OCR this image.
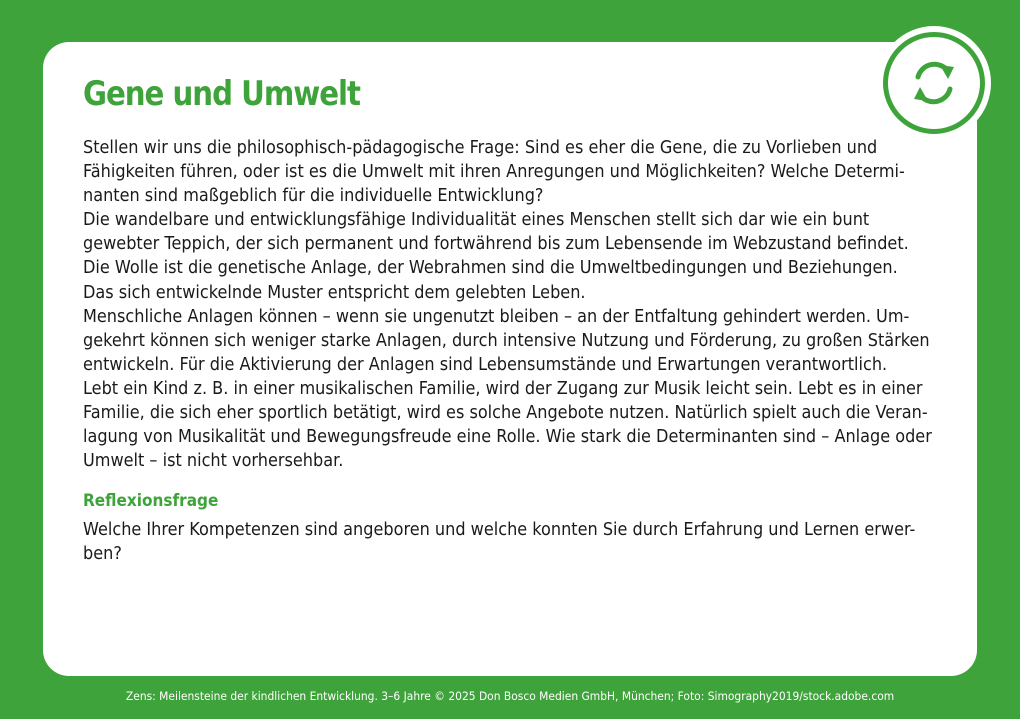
Gene und Umwelt
Stellen wir uns die philosophisch-pädagogische Frage: Sind es eher die Gene, die zu Vorlieben und
Fähigkeiten führen, oder ist es die Umwelt mit ihren Anregungen und Möglichkeiten? Welche Determi-
nanten sind maßgeblich für die individuelle Entwicklung?
Die wandelbare und entwicklungsfähige Individualität eines Menschen stellt sich dar wie ein bunt
gewebter Teppich, der sich permanent und fortwährend bis zum Lebensende im Webzustand befindet.
Die Wolle ist die genetische Anlage, der Webrahmen sind die Umweltbedingungen und Beziehungen.
Das sich entwickelnde Muster entspricht dem gelebten Leben.
Menschliche Anlagen können – wenn sie ungenutzt bleiben – an der Entfaltung gehindert werden. Um-
gekehrt können sich weniger starke Anlagen, durch intensive Nutzung und Förderung, zu großen Stärken
entwickeln. Für die Aktivierung der Anlagen sind Lebensumstände und Erwartungen verantwortlich.
Lebt ein Kind z. B. in einer musikalischen Familie, wird der Zugang zur Musik leicht sein. Lebt es in einer
Familie, die sich eher sportlich betätigt, wird es solche Angebote nutzen. Natürlich spielt auch die Veran-
lagung von Musikalität und Bewegungsfreude eine Rolle. Wie stark die Determinanten sind – Anlage oder
Umwelt – ist nicht vorhersehbar.
Reflexionsfrage
Welche Ihrer Kompetenzen sind angeboren und welche konnten Sie durch Erfahrung und Lernen erwer-
ben?
Zens: Meilensteine der kindlichen Entwicklung. 3–6 Jahre © 2025 Don Bosco Medien GmbH, München; Foto: Simography2019/stock.adobe.com
